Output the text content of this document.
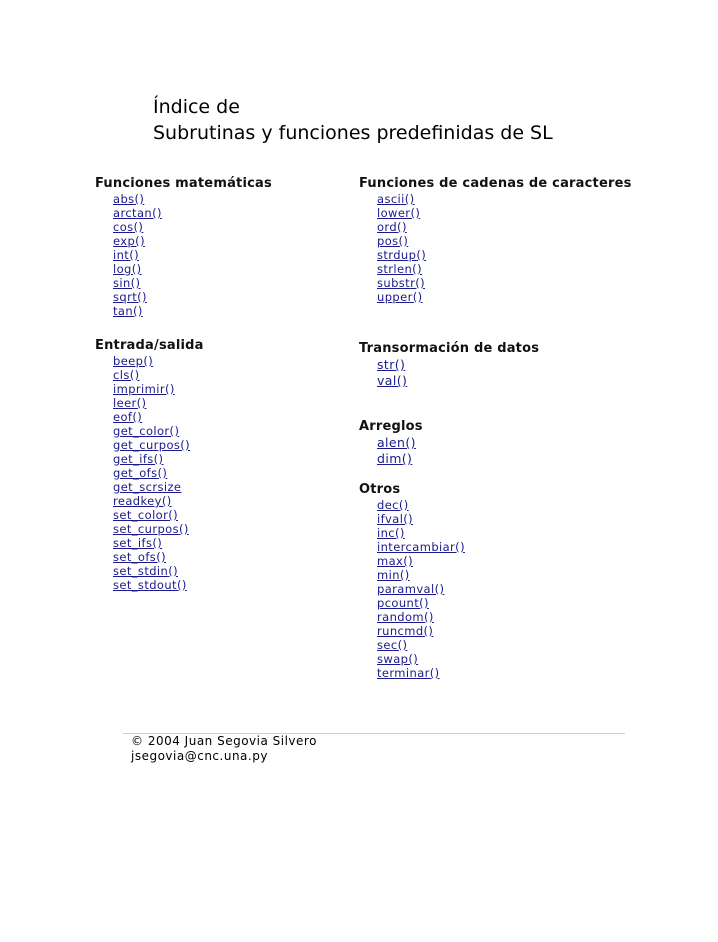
Índice de
Subrutinas y funciones predefinidas de SL
Funciones matemáticas
abs()
arctan()
cos()
exp()
int()
log()
sin()
sqrt()
tan()
Entrada/salida
beep()
cls()
imprimir()
leer()
eof()
get_color()
get_curpos()
get_ifs()
get_ofs()
get_scrsize
readkey()
set_color()
set_curpos()
set_ifs()
set_ofs()
set_stdin()
set_stdout()
Funciones de cadenas de caracteres
ascii()
lower()
ord()
pos()
strdup()
strlen()
substr()
upper()
Transormación de datos
str()
val()
Arreglos
alen()
dim()
Otros
dec()
ifval()
inc()
intercambiar()
max()
min()
paramval()
pcount()
random()
runcmd()
sec()
swap()
terminar()
© 2004 Juan Segovia Silvero
jsegovia@cnc.una.py
